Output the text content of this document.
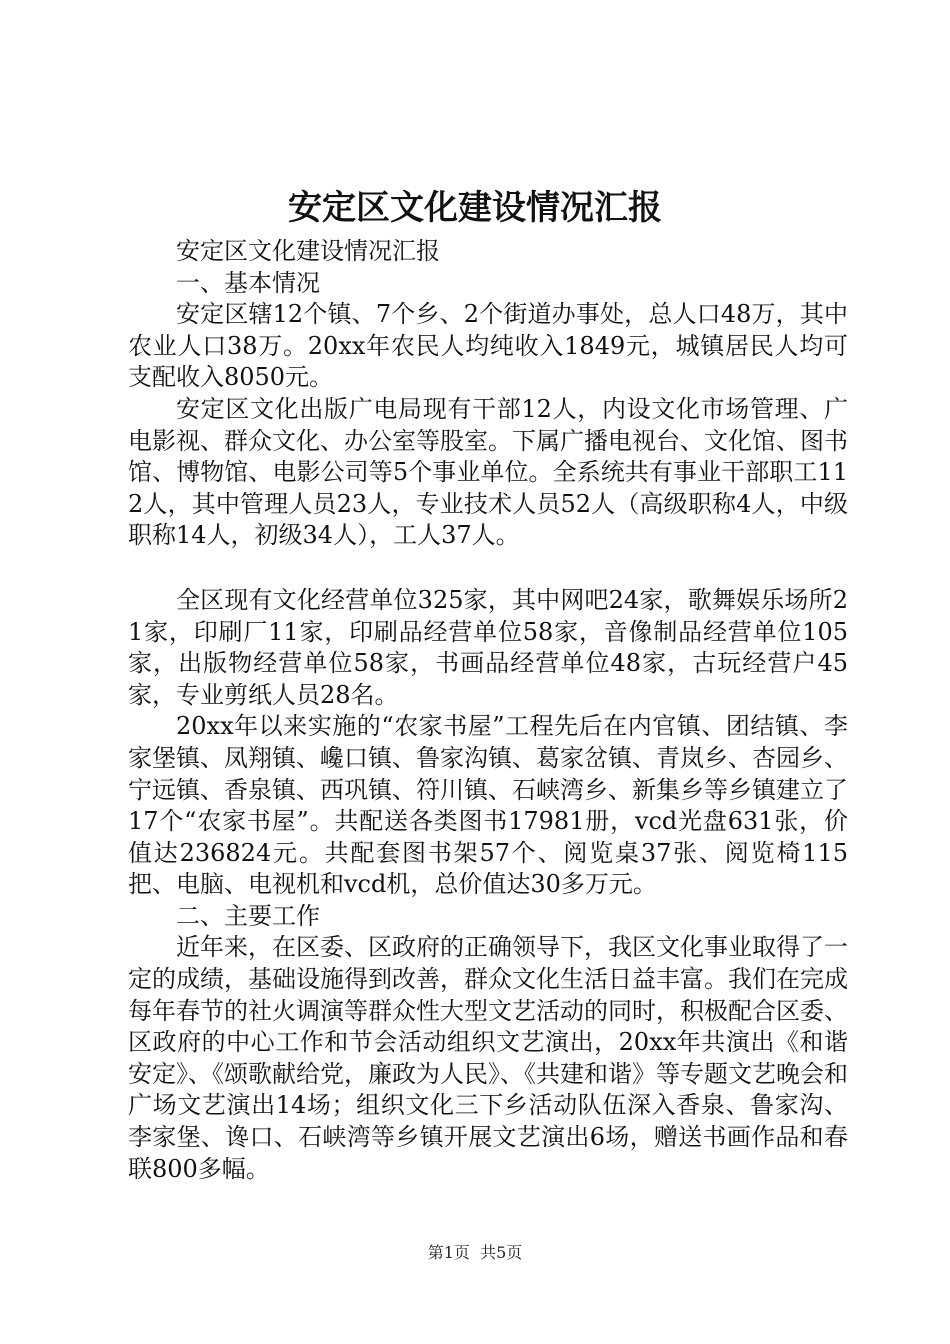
安定区文化建设情况汇报

安定区文化建设情况汇报

一、基本情况

安定区辖12个镇、7个乡、2个街道办事处，总人口48万，其中农业人口38万。20xx年农民人均纯收入1849元，城镇居民人均可支配收入8050元。

安定区文化出版广电局现有干部12人，内设文化市场管理、广电影视、群众文化、办公室等股室。下属广播电视台、文化馆、图书馆、博物馆、电影公司等5个事业单位。全系统共有事业干部职工112人，其中管理人员23人，专业技术人员52人（高级职称4人，中级职称14人，初级34人），工人37人。

全区现有文化经营单位325家，其中网吧24家，歌舞娱乐场所21家，印刷厂11家，印刷品经营单位58家，音像制品经营单位105家，出版物经营单位58家，书画品经营单位48家，古玩经营户45家，专业剪纸人员28名。

20xx年以来实施的“农家书屋”工程先后在内官镇、团结镇、李家堡镇、凤翔镇、巉口镇、鲁家沟镇、葛家岔镇、青岚乡、杏园乡、宁远镇、香泉镇、西巩镇、符川镇、石峡湾乡、新集乡等乡镇建立了17个“农家书屋”。共配送各类图书17981册，vcd光盘631张，价值达236824元。共配套图书架57个、阅览桌37张、阅览椅115把、电脑、电视机和vcd机，总价值达30多万元。

二、主要工作

近年来，在区委、区政府的正确领导下，我区文化事业取得了一定的成绩，基础设施得到改善，群众文化生活日益丰富。我们在完成每年春节的社火调演等群众性大型文艺活动的同时，积极配合区委、区政府的中心工作和节会活动组织文艺演出，20xx年共演出《和谐安定》、《颂歌献给党，廉政为人民》、《共建和谐》等专题文艺晚会和广场文艺演出14场；组织文化三下乡活动队伍深入香泉、鲁家沟、李家堡、谗口、石峡湾等乡镇开展文艺演出6场，赠送书画作品和春联800多幅。

第1页 共5页
